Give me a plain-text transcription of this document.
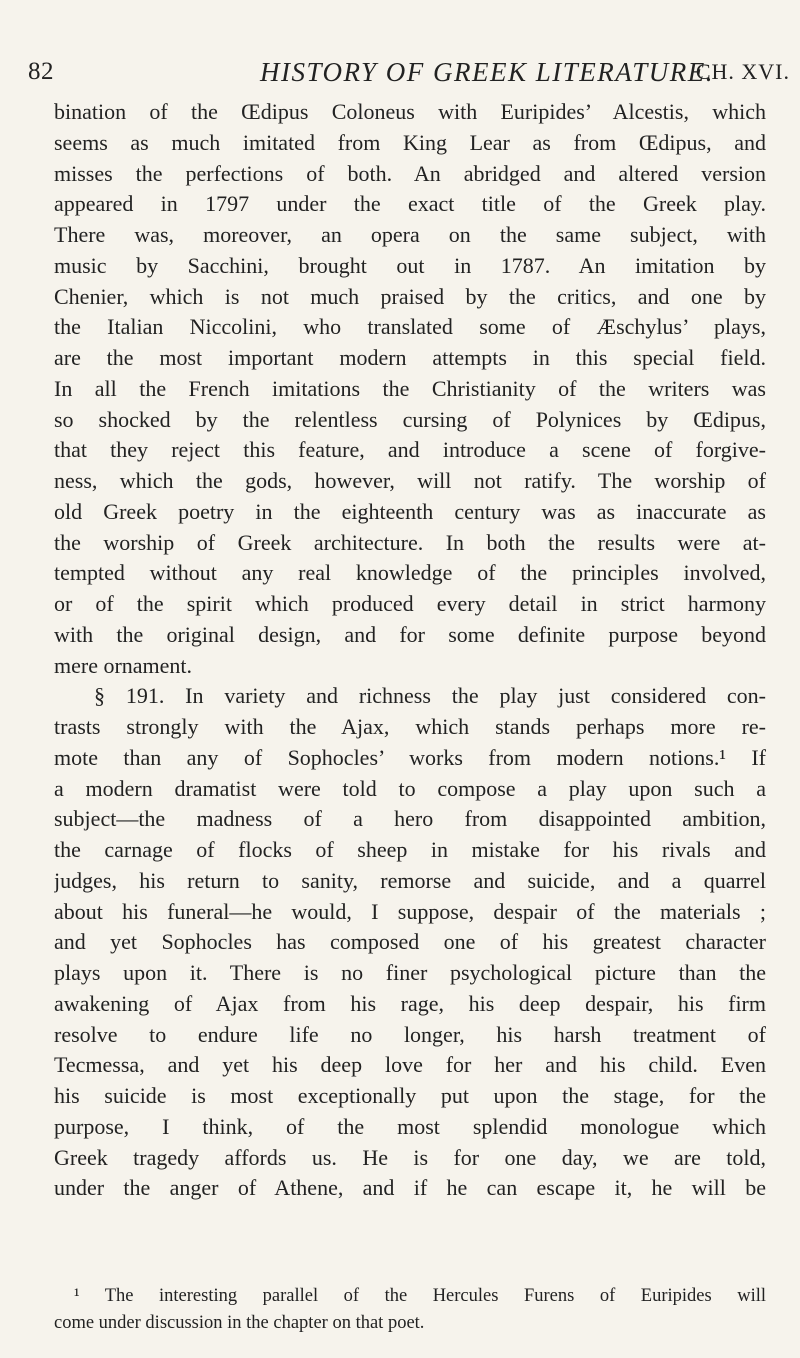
82	HISTORY OF GREEK LITERATURE.
CH. XVI.
bination of the Œdipus Coloneus with Euripides’ Alcestis, which
seems as much imitated from King Lear as from Œdipus, and
misses the perfections of both. An abridged and altered version
appeared in 1797 under the exact title of the Greek play.
There was, moreover, an opera on the same subject, with
music by Sacchini, brought out in 1787. An imitation by
Chenier, which is not much praised by the critics, and one by
the Italian Niccolini, who translated some of Æschylus’ plays,
are the most important modern attempts in this special field.
In all the French imitations the Christianity of the writers was
so shocked by the relentless cursing of Polynices by Œdipus,
that they reject this feature, and introduce a scene of forgive-
ness, which the gods, however, will not ratify. The worship of
old Greek poetry in the eighteenth century was as inaccurate as
the worship of Greek architecture. In both the results were at-
tempted without any real knowledge of the principles involved,
or of the spirit which produced every detail in strict harmony
with the original design, and for some definite purpose beyond
mere ornament.
§ 191. In variety and richness the play just considered con-
trasts strongly with the Ajax, which stands perhaps more re-
mote than any of Sophocles’ works from modern notions.¹ If
a modern dramatist were told to compose a play upon such a
subject—the madness of a hero from disappointed ambition,
the carnage of flocks of sheep in mistake for his rivals and
judges, his return to sanity, remorse and suicide, and a quarrel
about his funeral—he would, I suppose, despair of the materials ;
and yet Sophocles has composed one of his greatest character
plays upon it. There is no finer psychological picture than the
awakening of Ajax from his rage, his deep despair, his firm
resolve to endure life no longer, his harsh treatment of
Tecmessa, and yet his deep love for her and his child. Even
his suicide is most exceptionally put upon the stage, for the
purpose, I think, of the most splendid monologue which
Greek tragedy affords us. He is for one day, we are told,
under the anger of Athene, and if he can escape it, he will be
¹ The interesting parallel of the Hercules Furens of Euripides will
come under discussion in the chapter on that poet.
